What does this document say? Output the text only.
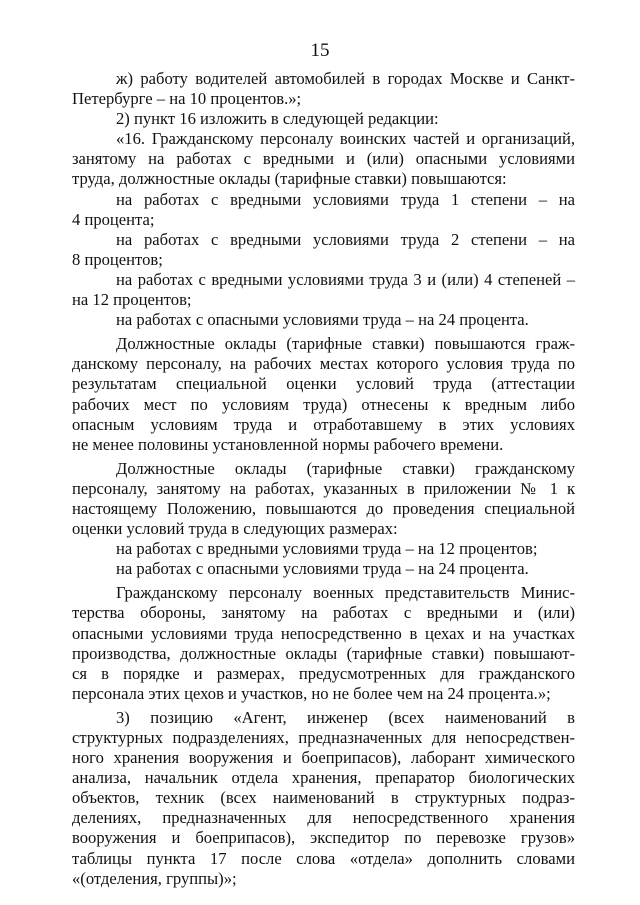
15
ж) работу водителей автомобилей в городах Москве и Санкт-
Петербурге – на 10 процентов.»;
2) пункт 16 изложить в следующей редакции:
«16. Гражданскому персоналу воинских частей и организаций,
занятому на работах с вредными и (или) опасными условиями
труда, должностные оклады (тарифные ставки) повышаются:
на работах с вредными условиями труда 1 степени – на
4 процента;
на работах с вредными условиями труда 2 степени – на
8 процентов;
на работах с вредными условиями труда 3 и (или) 4 степеней –
на 12 процентов;
на работах с опасными условиями труда – на 24 процента.
Должностные оклады (тарифные ставки) повышаются граж-
данскому персоналу, на рабочих местах которого условия труда по
результатам специальной оценки условий труда (аттестации
рабочих мест по условиям труда) отнесены к вредным либо
опасным условиям труда и отработавшему в этих условиях
не менее половины установленной нормы рабочего времени.
Должностные оклады (тарифные ставки) гражданскому
персоналу, занятому на работах, указанных в приложении № 1 к
настоящему Положению, повышаются до проведения специальной
оценки условий труда в следующих размерах:
на работах с вредными условиями труда – на 12 процентов;
на работах с опасными условиями труда – на 24 процента.
Гражданскому персоналу военных представительств Минис-
терства обороны, занятому на работах с вредными и (или)
опасными условиями труда непосредственно в цехах и на участках
производства, должностные оклады (тарифные ставки) повышают-
ся в порядке и размерах, предусмотренных для гражданского
персонала этих цехов и участков, но не более чем на 24 процента.»;
3) позицию «Агент, инженер (всех наименований в
структурных подразделениях, предназначенных для непосредствен-
ного хранения вооружения и боеприпасов), лаборант химического
анализа, начальник отдела хранения, препаратор биологических
объектов, техник (всех наименований в структурных подраз-
делениях, предназначенных для непосредственного хранения
вооружения и боеприпасов), экспедитор по перевозке грузов»
таблицы пункта 17 после слова «отдела» дополнить словами
«(отделения, группы)»;
